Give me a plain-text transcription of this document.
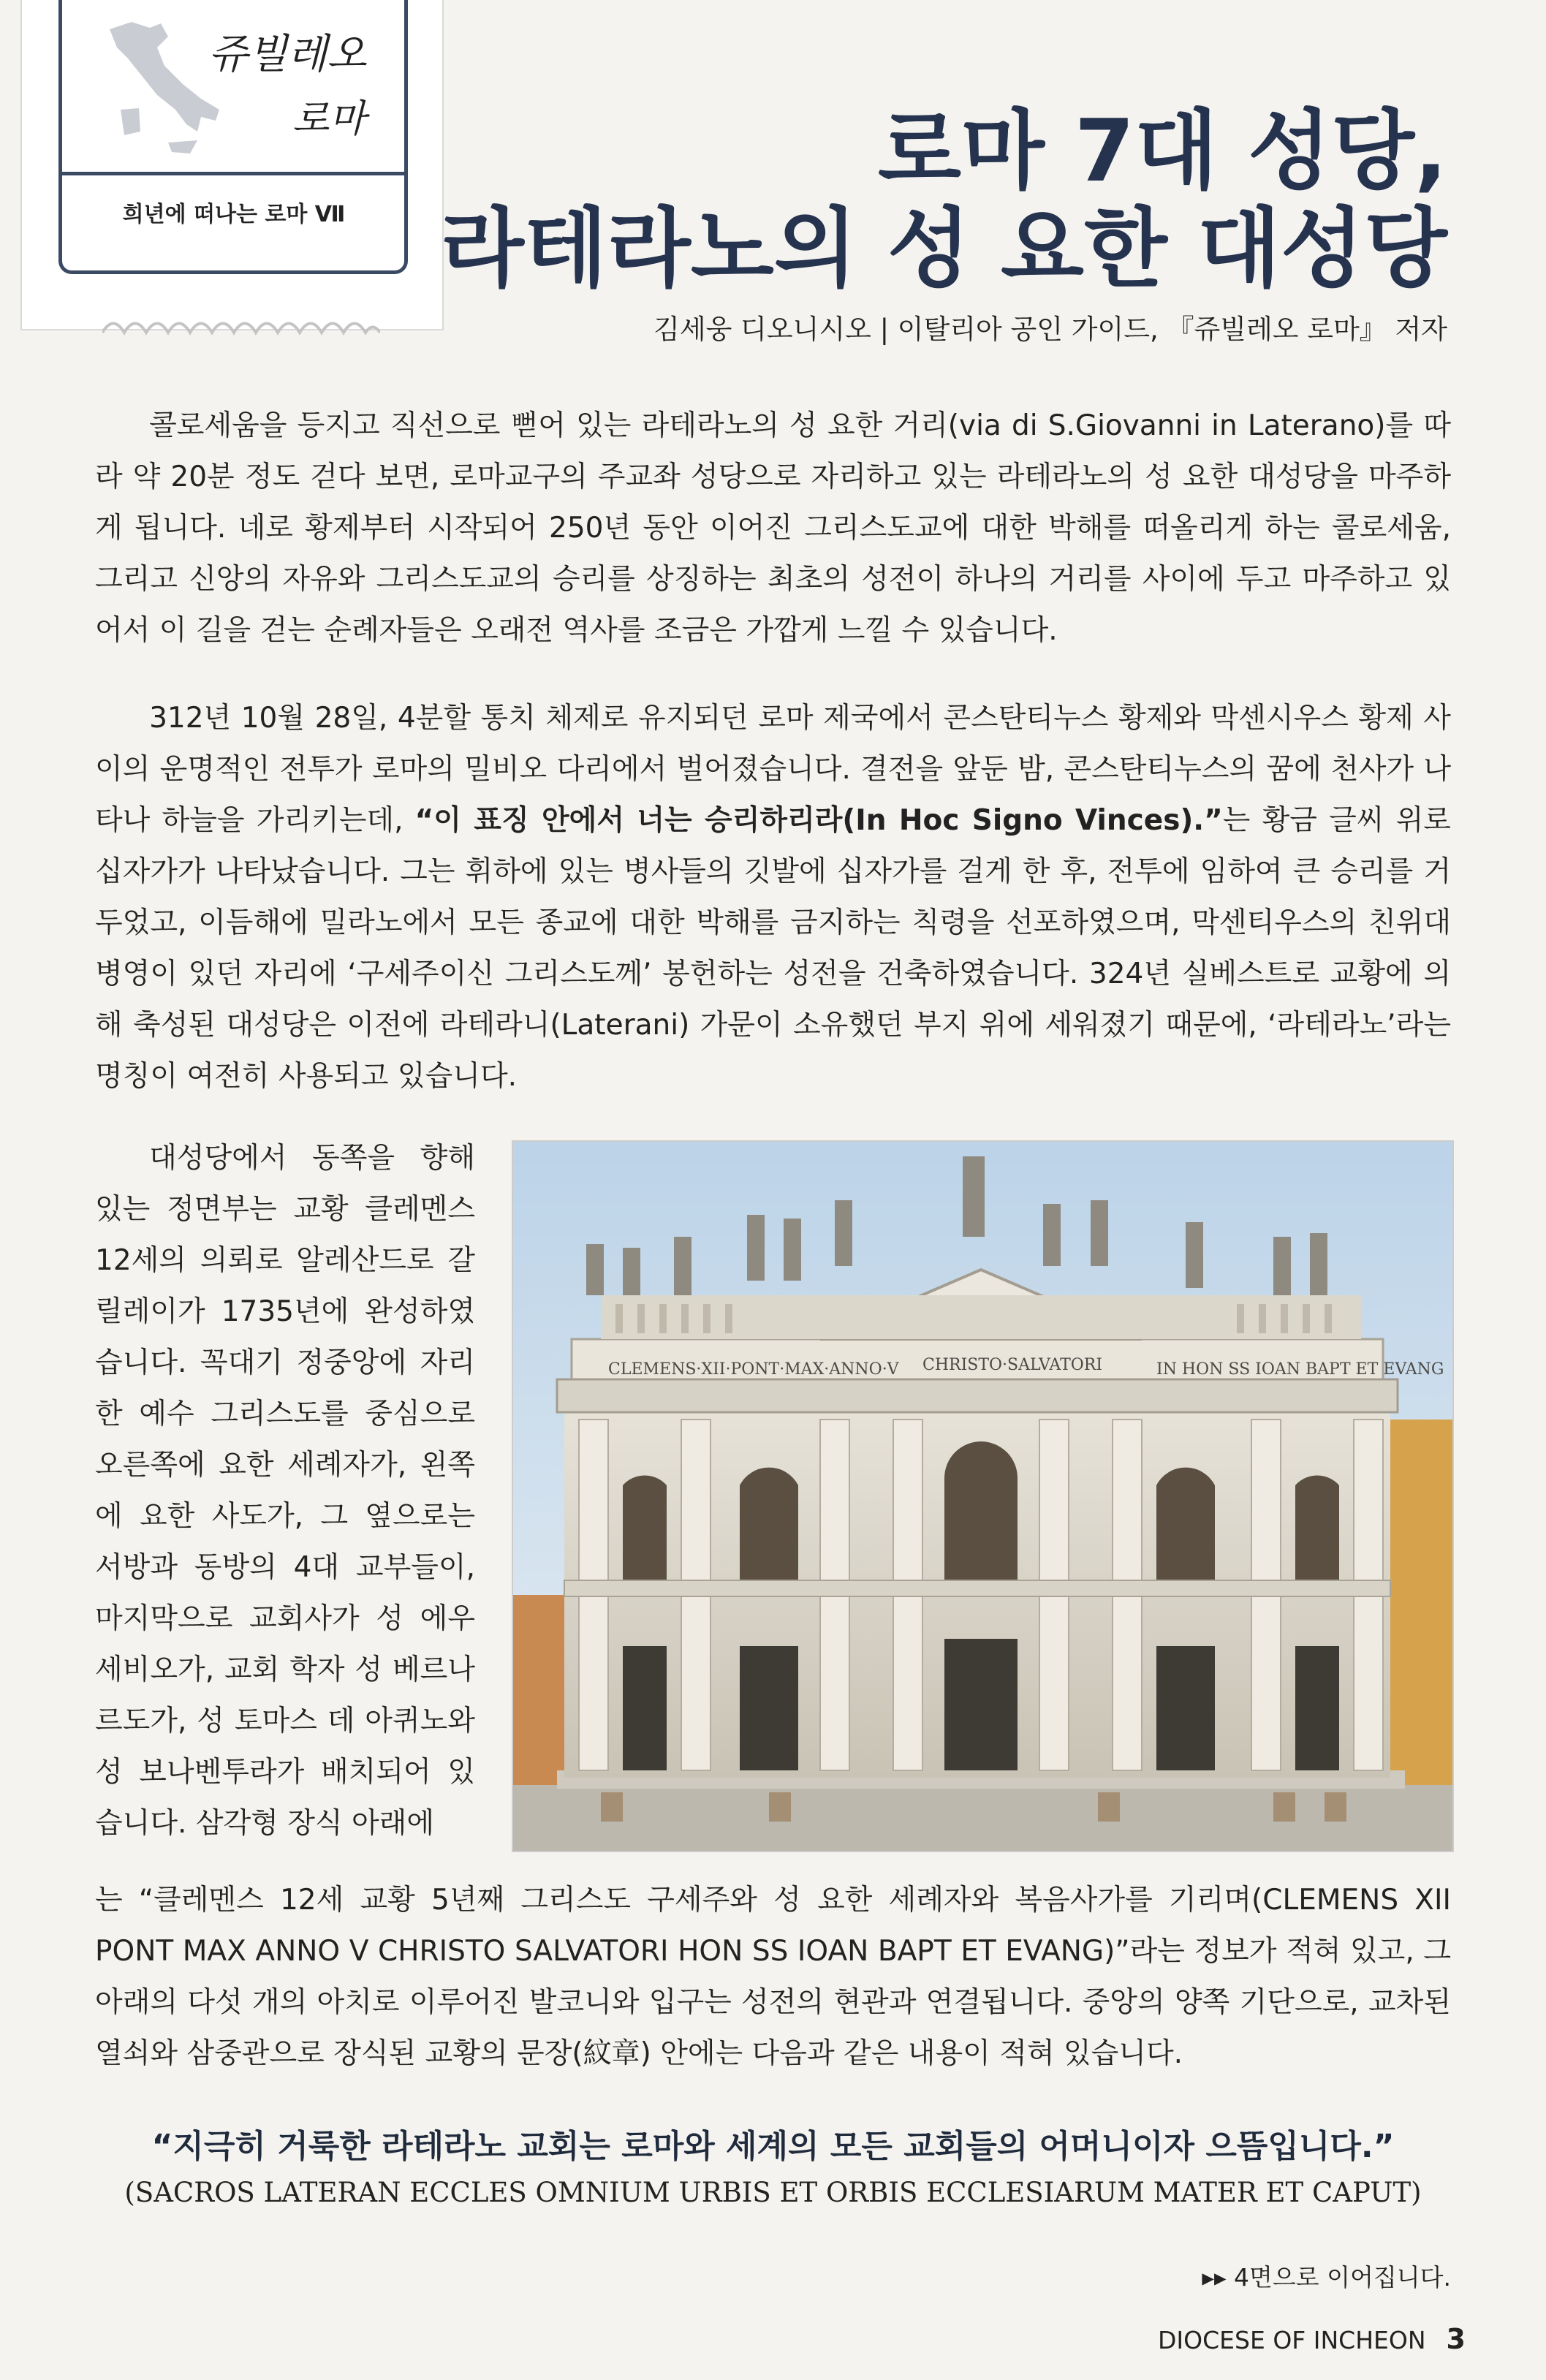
쥬빌레오
로마
희년에 떠나는 로마 Ⅶ
로마 7대 성당,
라테라노의 성 요한 대성당
김세웅 디오니시오 | 이탈리아 공인 가이드, 『쥬빌레오 로마』 저자
콜로세움을 등지고 직선으로 뻗어 있는 라테라노의 성 요한 거리(via di S.Giovanni in Laterano)를 따라 약 20분 정도 걷다 보면, 로마교구의 주교좌 성당으로 자리하고 있는 라테라노의 성 요한 대성당을 마주하게 됩니다. 네로 황제부터 시작되어 250년 동안 이어진 그리스도교에 대한 박해를 떠올리게 하는 콜로세움, 그리고 신앙의 자유와 그리스도교의 승리를 상징하는 최초의 성전이 하나의 거리를 사이에 두고 마주하고 있어서 이 길을 걷는 순례자들은 오래전 역사를 조금은 가깝게 느낄 수 있습니다.
312년 10월 28일, 4분할 통치 체제로 유지되던 로마 제국에서 콘스탄티누스 황제와 막센시우스 황제 사이의 운명적인 전투가 로마의 밀비오 다리에서 벌어졌습니다. 결전을 앞둔 밤, 콘스탄티누스의 꿈에 천사가 나타나 하늘을 가리키는데, “이 표징 안에서 너는 승리하리라(In Hoc Signo Vinces).”는 황금 글씨 위로 십자가가 나타났습니다. 그는 휘하에 있는 병사들의 깃발에 십자가를 걸게 한 후, 전투에 임하여 큰 승리를 거두었고, 이듬해에 밀라노에서 모든 종교에 대한 박해를 금지하는 칙령을 선포하였으며, 막센티우스의 친위대 병영이 있던 자리에 ‘구세주이신 그리스도께’ 봉헌하는 성전을 건축하였습니다. 324년 실베스트로 교황에 의해 축성된 대성당은 이전에 라테라니(Laterani) 가문이 소유했던 부지 위에 세워졌기 때문에, ‘라테라노’라는 명칭이 여전히 사용되고 있습니다.
대성당에서 동쪽을 향해 있는 정면부는 교황 클레멘스 12세의 의뢰로 알레산드로 갈릴레이가 1735년에 완성하였습니다. 꼭대기 정중앙에 자리한 예수 그리스도를 중심으로 오른쪽에 요한 세례자가, 왼쪽에 요한 사도가, 그 옆으로는 서방과 동방의 4대 교부들이, 마지막으로 교회사가 성 에우세비오가, 교회 학자 성 베르나르도가, 성 토마스 데 아퀴노와 성 보나벤투라가 배치되어 있습니다. 삼각형 장식 아래에
CLEMENS·XII·PONT·MAX·ANNO·V CHRISTO·SALVATORI	IN HON SS IOAN BAPT ET EVANG
는 “클레멘스 12세 교황 5년째 그리스도 구세주와 성 요한 세례자와 복음사가를 기리며(CLEMENS XII PONT MAX ANNO V CHRISTO SALVATORI HON SS IOAN BAPT ET EVANG)”라는 정보가 적혀 있고, 그 아래의 다섯 개의 아치로 이루어진 발코니와 입구는 성전의 현관과 연결됩니다. 중앙의 양쪽 기단으로, 교차된 열쇠와 삼중관으로 장식된 교황의 문장(紋章) 안에는 다음과 같은 내용이 적혀 있습니다.
“지극히 거룩한 라테라노 교회는 로마와 세계의 모든 교회들의 어머니이자 으뜸입니다.”
(SACROS LATERAN ECCLES OMNIUM URBIS ET ORBIS ECCLESIARUM MATER ET CAPUT)
▸▸ 4면으로 이어집니다.
DIOCESE OF INCHEON 3
